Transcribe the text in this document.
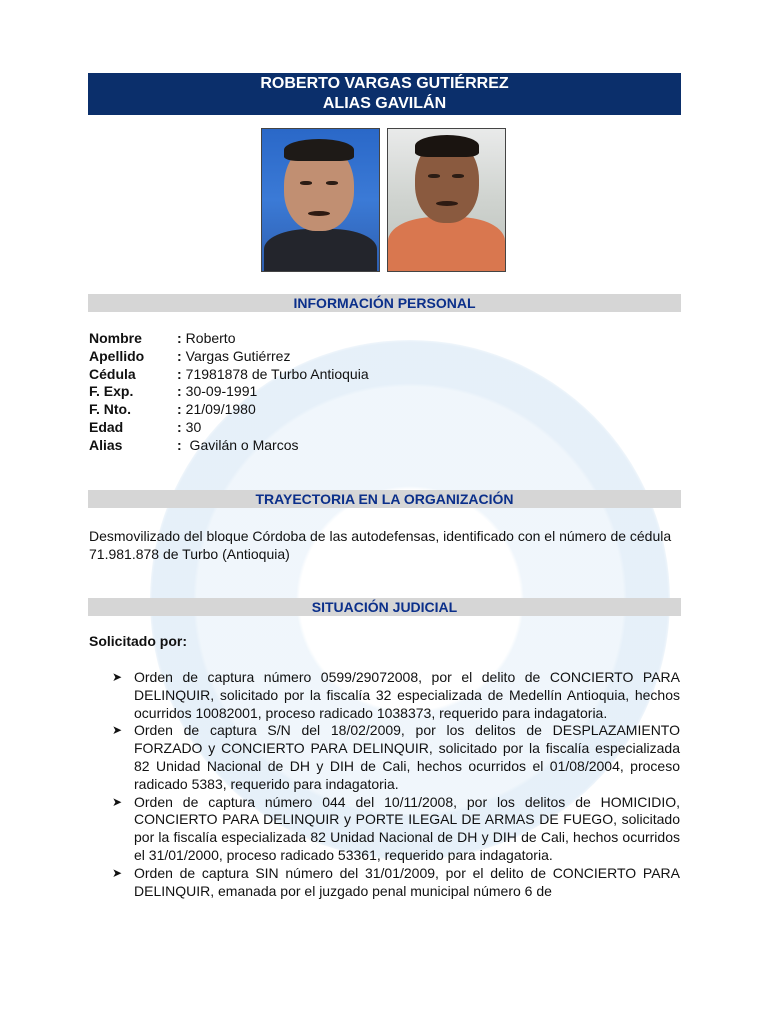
ROBERTO VARGAS GUTIÉRREZ
ALIAS GAVILÁN
INFORMACIÓN PERSONAL
Nombre	: Roberto
Apellido	: Vargas Gutiérrez
Cédula	: 71981878 de Turbo Antioquia
F. Exp.	: 30-09-1991
F. Nto.	: 21/09/1980
Edad	: 30
Alias	: Gavilán o Marcos
TRAYECTORIA EN LA ORGANIZACIÓN
Desmovilizado del bloque Córdoba de las autodefensas, identificado con el número de cédula 71.981.878 de Turbo (Antioquia)
SITUACIÓN JUDICIAL
Solicitado por:
➤ Orden de captura número 0599/29072008, por el delito de CONCIERTO PARA DELINQUIR, solicitado por la fiscalía 32 especializada de Medellín Antioquia, hechos ocurridos 10082001, proceso radicado 1038373, requerido para indagatoria.
➤ Orden de captura S/N del 18/02/2009, por los delitos de DESPLAZAMIENTO FORZADO y CONCIERTO PARA DELINQUIR, solicitado por la fiscalía especializada 82 Unidad Nacional de DH y DIH de Cali, hechos ocurridos el 01/08/2004, proceso radicado 5383, requerido para indagatoria.
➤ Orden de captura número 044 del 10/11/2008, por los delitos de HOMICIDIO, CONCIERTO PARA DELINQUIR y PORTE ILEGAL DE ARMAS DE FUEGO, solicitado por la fiscalía especializada 82 Unidad Nacional de DH y DIH de Cali, hechos ocurridos el 31/01/2000, proceso radicado 53361, requerido para indagatoria.
➤ Orden de captura SIN número del 31/01/2009, por el delito de CONCIERTO PARA DELINQUIR, emanada por el juzgado penal municipal número 6 de
